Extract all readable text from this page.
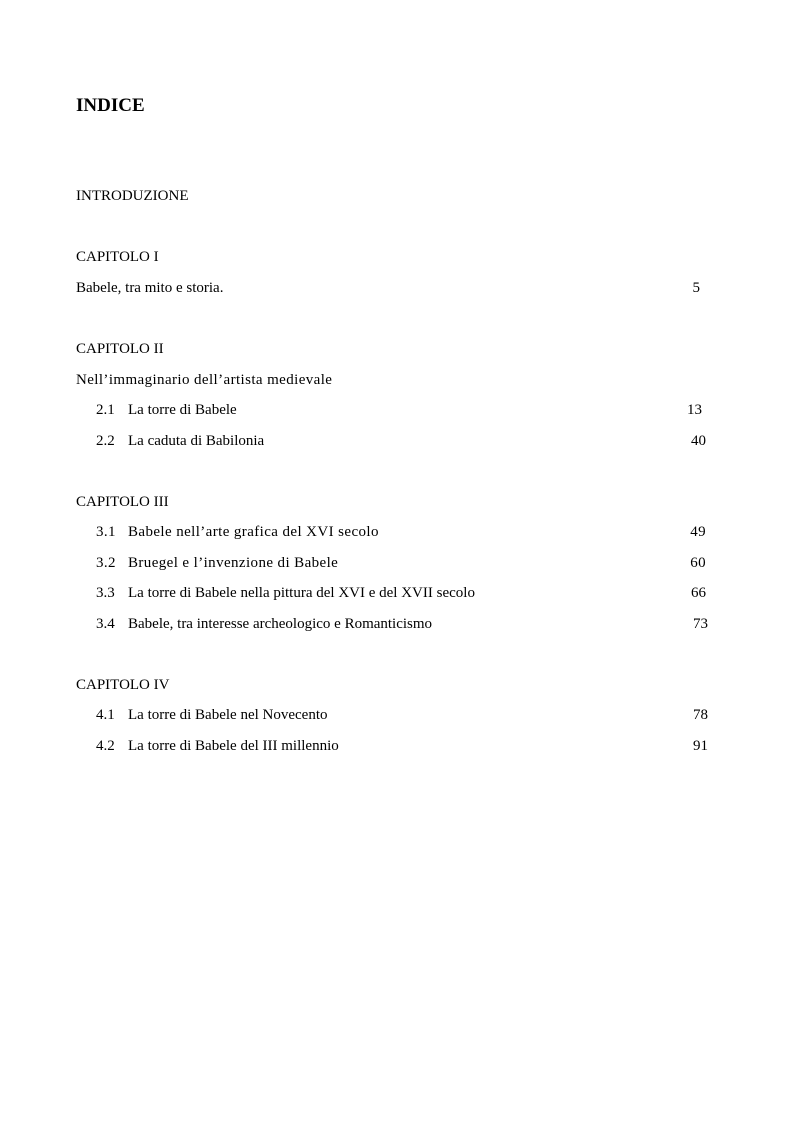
INDICE
INTRODUZIONE
CAPITOLO I
Babele, tra mito e storia.	5
CAPITOLO II
Nell’immaginario dell’artista medievale
2.1 La torre di Babele	13
2.2 La caduta di Babilonia	40
CAPITOLO III
3.1 Babele nell’arte grafica del XVI secolo	49
3.2 Bruegel e l’invenzione di Babele	60
3.3 La torre di Babele nella pittura del XVI e del XVII secolo	66
3.4 Babele, tra interesse archeologico e Romanticismo	73
CAPITOLO IV
4.1 La torre di Babele nel Novecento	78
4.2 La torre di Babele del III millennio	91
